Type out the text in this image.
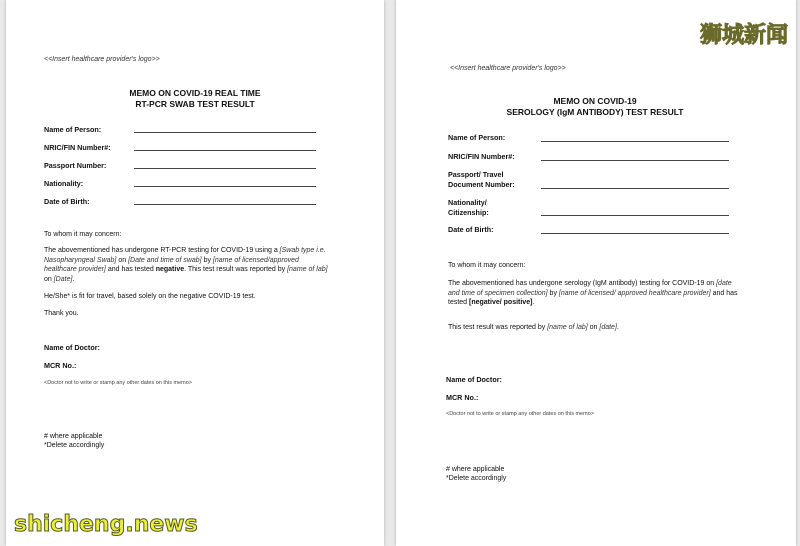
<<Insert healthcare provider's logo>>
MEMO ON COVID-19 REAL TIME
RT-PCR SWAB TEST RESULT
Name of Person:
NRIC/FIN Number#:
Passport Number:
Nationality:
Date of Birth:
To whom it may concern:
The abovementioned has undergone RT-PCR testing for COVID-19 using a [Swab type i.e. Nasopharyngeal Swab] on [Date and time of swab] by [name of licensed/approved healthcare provider] and has tested negative. This test result was reported by [name of lab] on [Date].
He/She* is fit for travel, based solely on the negative COVID-19 test.
Thank you.
Name of Doctor:
MCR No.:
<Doctor not to write or stamp any other dates on this memo>
# where applicable
*Delete accordingly
<<Insert healthcare provider's logo>>
MEMO ON COVID-19
SEROLOGY (IgM ANTIBODY) TEST RESULT
Name of Person:
NRIC/FIN Number#:
Passport/ Travel
Document Number:
Nationality/
Citizenship:
Date of Birth:
To whom it may concern:
The abovementioned has undergone serology (IgM antibody) testing for COVID-19 on [date and time of specimen collection] by [name of licensed/ approved healthcare provider] and has tested [negative/ positive].
This test result was reported by [name of lab] on [date].
Name of Doctor:
MCR No.:
<Doctor not to write or stamp any other dates on this memo>
# where applicable
*Delete accordingly
狮城新闻
shicheng.news
